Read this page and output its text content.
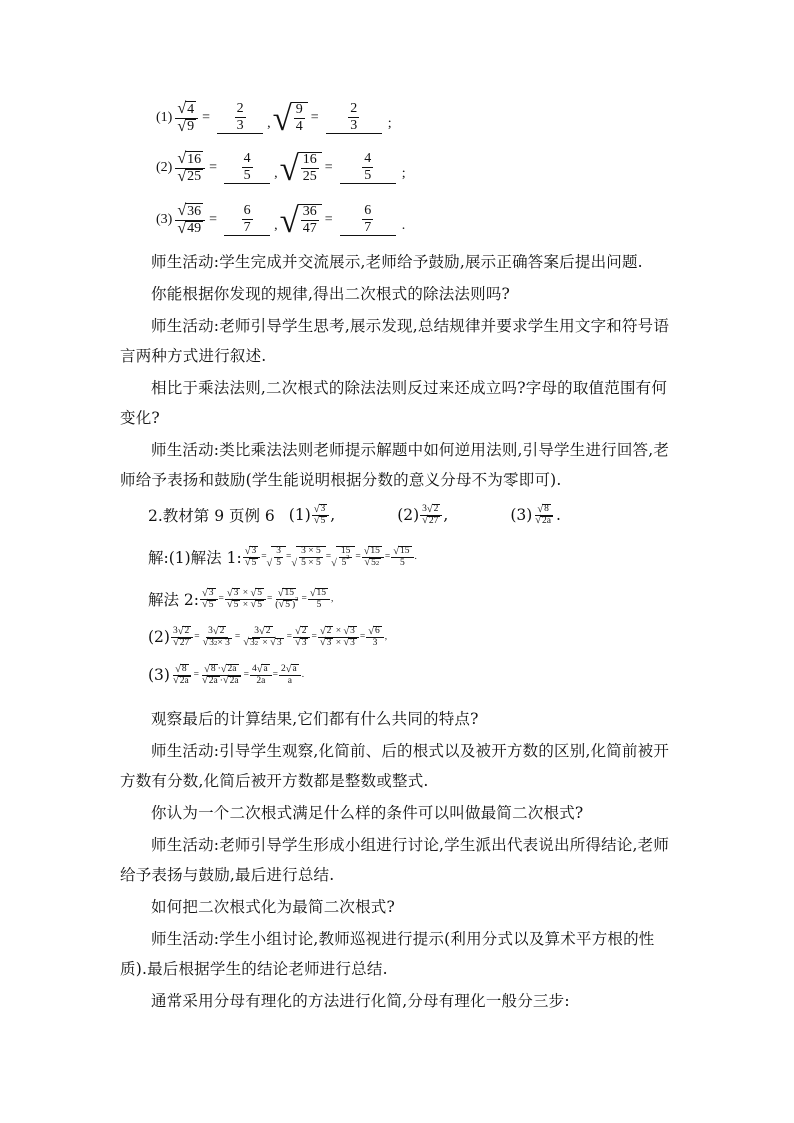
$(1) \frac{√ 4}{√ 9} = \frac{2}{3}$ , √ $\frac{9}{4} = \frac{2}{3}$ ;
$(2) \frac{√ 16}{√ 25} = \frac{4}{5}$ , √ $\frac{16}{25} = \frac{4}{5}$ ;
$(3) \frac{√ 36}{√ 49} = \frac{6}{7}$ , √ $\frac{36}{47} = \frac{6}{7}$ .
师生活动:学生完成并交流展示,老师给予鼓励,展示正确答案后提出问题.
你能根据你发现的规律,得出二次根式的除法法则吗?
师生活动:老师引导学生思考,展示发现,总结规律并要求学生用文字和符号语言两种方式进行叙述.
相比于乘法法则,二次根式的除法法则反过来还成立吗?字母的取值范围有何变化?
师生活动:类比乘法法则老师提示解题中如何逆用法则,引导学生进行回答,老师给予表扬和鼓励(学生能说明根据分数的意义分母不为零即可).
2.教材第 9 页例 6 $(1) \frac{√ 3}{√ 5}$ ,	$(2) \frac{3 √ 2}{√ 27}$ ,	$(3) \frac{√ 8}{√ 2a}$ .
解:(1)解法 1: $\frac{√ 3}{√ 5}$ =
√ $\frac{3}{5}$ =
√ $\frac{3 \times 5}{5 \times 5}$ =
√ 15
5
$2 = \frac{√ 15}{√ 5 2} = \frac{√ 15}{5}$ .
解法 2: $\frac{√ 3}{√ 5} = \frac{√ 3 \times √ 5}{√ 5 \times √ 5}$ = √ 15
( √ 5 )
$2 = \frac{√ 15}{5}$ ,
$(2) \frac{3 √ 2}{√ 27} = \frac{3 √ 2}{√ 3 2 \times 3} = \frac{3 √ 2}{√ 3 2 \times √ 3} = \frac{√ 2}{√ 3} = \frac{√ 2 \times √ 3}{√ 3 \times √ 3} = \frac{√ 6}{3}$ ,
$(3) \frac{√ 8}{√ 2a} = \frac{√ 8 \cdot √ 2a}{√ 2a \cdot √ 2a} = \frac{4 √ a}{2a} = \frac{2 √ a}{a}$ .
观察最后的计算结果,它们都有什么共同的特点?
师生活动:引导学生观察,化简前、后的根式以及被开方数的区别,化简前被开方数有分数,化简后被开方数都是整数或整式.
你认为一个二次根式满足什么样的条件可以叫做最简二次根式?
师生活动:老师引导学生形成小组进行讨论,学生派出代表说出所得结论,老师给予表扬与鼓励,最后进行总结.
如何把二次根式化为最简二次根式?
师生活动:学生小组讨论,教师巡视进行提示(利用分式以及算术平方根的性质).最后根据学生的结论老师进行总结.
通常采用分母有理化的方法进行化简,分母有理化一般分三步:
